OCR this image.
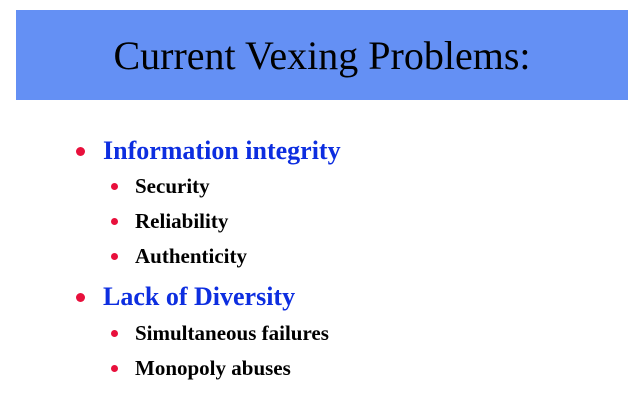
Current Vexing Problems:
Information integrity
Security
Reliability
Authenticity
Lack of Diversity
Simultaneous failures
Monopoly abuses
